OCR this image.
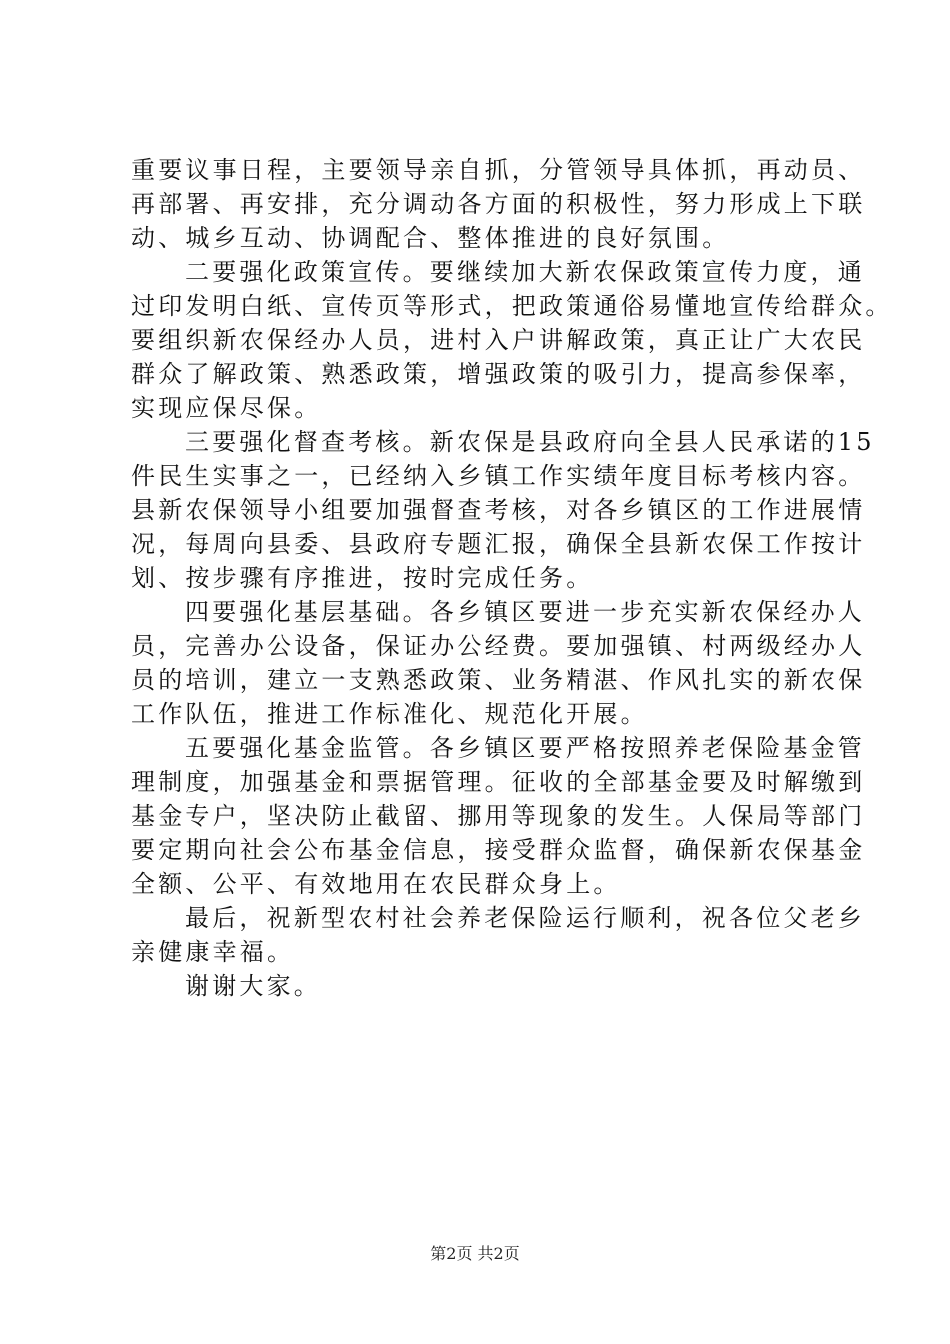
重要议事日程，主要领导亲自抓，分管领导具体抓，再动员、
再部署、再安排，充分调动各方面的积极性，努力形成上下联
动、城乡互动、协调配合、整体推进的良好氛围。
二要强化政策宣传。要继续加大新农保政策宣传力度，通
过印发明白纸、宣传页等形式，把政策通俗易懂地宣传给群众。
要组织新农保经办人员，进村入户讲解政策，真正让广大农民
群众了解政策、熟悉政策，增强政策的吸引力，提高参保率，
实现应保尽保。
三要强化督查考核。新农保是县政府向全县人民承诺的15
件民生实事之一，已经纳入乡镇工作实绩年度目标考核内容。
县新农保领导小组要加强督查考核，对各乡镇区的工作进展情
况，每周向县委、县政府专题汇报，确保全县新农保工作按计
划、按步骤有序推进，按时完成任务。
四要强化基层基础。各乡镇区要进一步充实新农保经办人
员，完善办公设备，保证办公经费。要加强镇、村两级经办人
员的培训，建立一支熟悉政策、业务精湛、作风扎实的新农保
工作队伍，推进工作标准化、规范化开展。
五要强化基金监管。各乡镇区要严格按照养老保险基金管
理制度，加强基金和票据管理。征收的全部基金要及时解缴到
基金专户，坚决防止截留、挪用等现象的发生。人保局等部门
要定期向社会公布基金信息，接受群众监督，确保新农保基金
全额、公平、有效地用在农民群众身上。
最后，祝新型农村社会养老保险运行顺利，祝各位父老乡
亲健康幸福。
谢谢大家。
第2页 共2页
